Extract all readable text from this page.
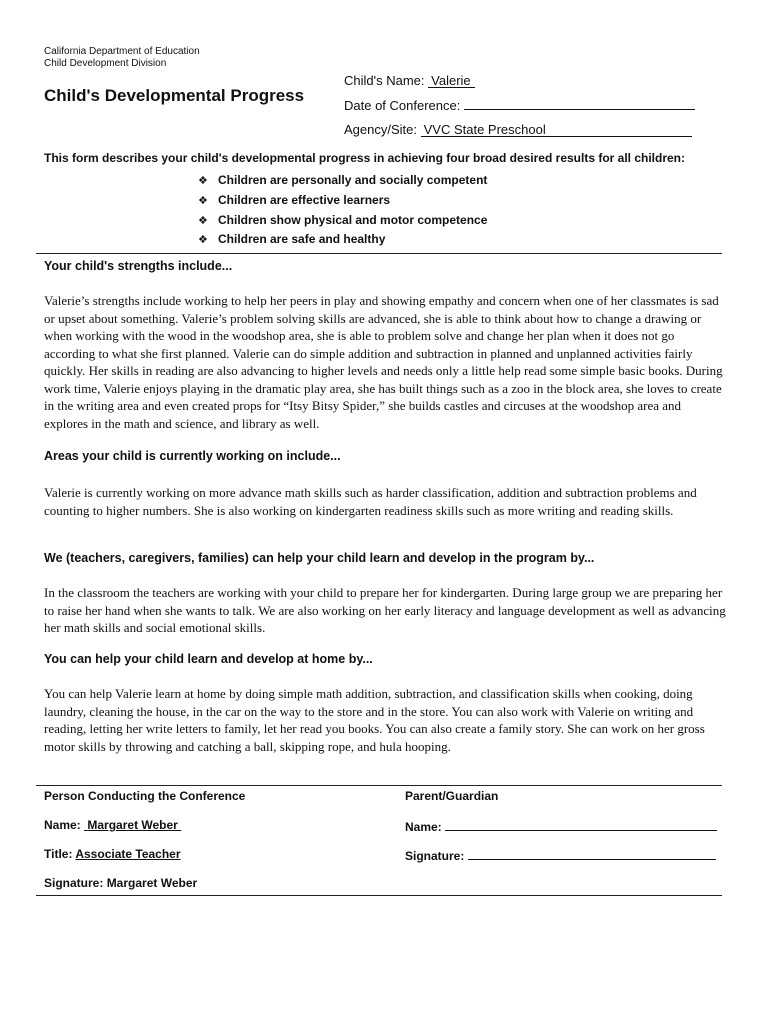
California Department of Education
Child Development Division
Child's Developmental Progress
Child's Name: Valerie
Date of Conference:
Agency/Site: VVC State Preschool
This form describes your child's developmental progress in achieving four broad desired results for all children:
❖ Children are personally and socially competent
❖ Children are effective learners
❖ Children show physical and motor competence
❖ Children are safe and healthy
Your child's strengths include...
Valerie’s strengths include working to help her peers in play and showing empathy and concern when one of her classmates is sad or upset about something. Valerie’s problem solving skills are advanced, she is able to think about how to change a drawing or when working with the wood in the woodshop area, she is able to problem solve and change her plan when it does not go according to what she first planned. Valerie can do simple addition and subtraction in planned and unplanned activities fairly quickly. Her skills in reading are also advancing to higher levels and needs only a little help read some simple basic books. During work time, Valerie enjoys playing in the dramatic play area, she has built things such as a zoo in the block area, she loves to create in the writing area and even created props for “Itsy Bitsy Spider,” she builds castles and circuses at the woodshop area and explores in the math and science, and library as well.
Areas your child is currently working on include...
Valerie is currently working on more advance math skills such as harder classification, addition and subtraction problems and counting to higher numbers. She is also working on kindergarten readiness skills such as more writing and reading skills.
We (teachers, caregivers, families) can help your child learn and develop in the program by...
In the classroom the teachers are working with your child to prepare her for kindergarten. During large group we are preparing her to raise her hand when she wants to talk. We are also working on her early literacy and language development as well as advancing her math skills and social emotional skills.
You can help your child learn and develop at home by...
You can help Valerie learn at home by doing simple math addition, subtraction, and classification skills when cooking, doing laundry, cleaning the house, in the car on the way to the store and in the store. You can also work with Valerie on writing and reading, letting her write letters to family, let her read you books. You can also create a family story. She can work on her gross motor skills by throwing and catching a ball, skipping rope, and hula hooping.
Person Conducting the Conference
Name: Margaret Weber
Title: Associate Teacher
Signature: Margaret Weber
Parent/Guardian
Name:
Signature:
